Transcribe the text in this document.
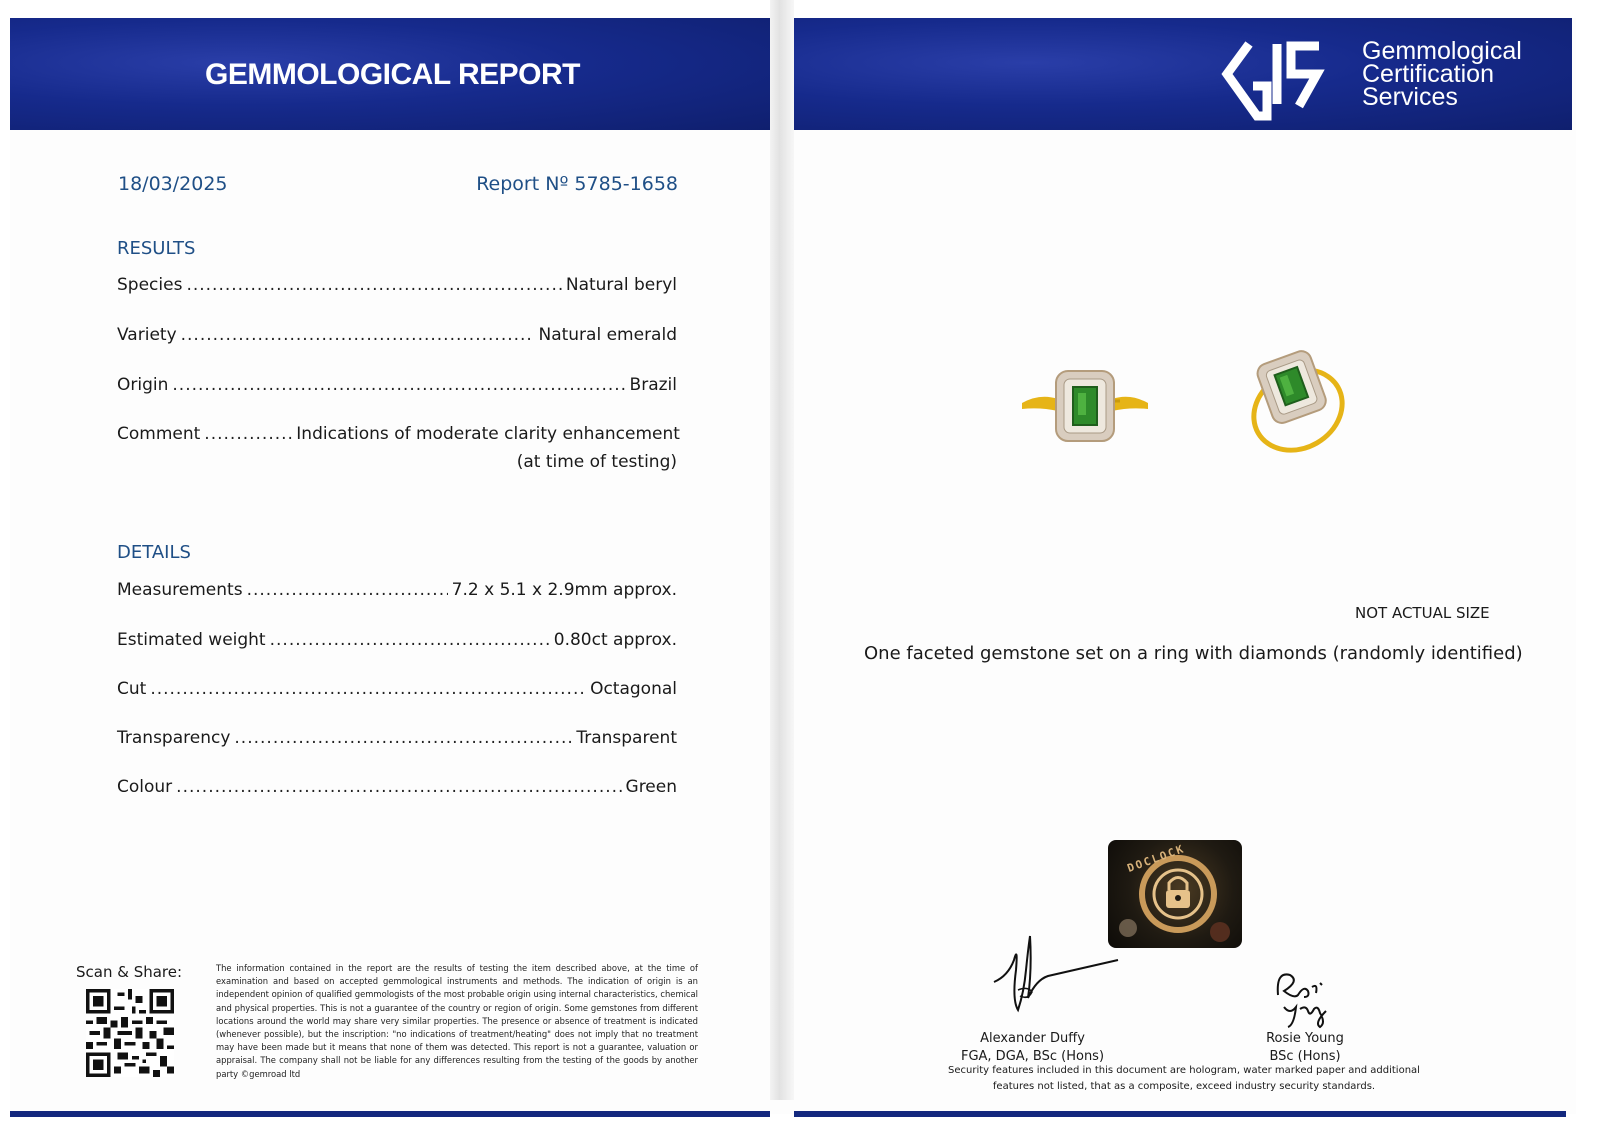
GEMMOLOGICAL REPORT
Gemmological
Certification
Services
18/03/2025	Report Nº 5785-1658
RESULTS
Species .....	Natural beryl
Variety .....	Natural emerald
Origin .....	Brazil
Comment .....	Indications of moderate clarity enhancement
(at time of testing)
DETAILS
Measurements .....	7.2 x 5.1 x 2.9mm approx.
Estimated weight .....	0.80ct approx.
Cut .....	Octagonal
Transparency .....	Transparent
Colour .....	Green
Scan & Share:	The information contained in the report are the results of testing the item described above, at the time of examination and based on accepted gemmological instruments and methods. The indication of origin is an independent opinion of qualified gemmologists of the most probable origin using internal characteristics, chemical and physical properties. This is not a guarantee of the country or region of origin. Some gemstones from different locations around the world may share very similar properties. The presence or absence of treatment is indicated (whenever possible), but the inscription: "no indications of treatment/heating" does not imply that no treatment may have been made but it means that none of them was detected. This report is not a guarantee, valuation or appraisal. The company shall not be liable for any differences resulting from the testing of the goods by another party ©gemroad ltd
NOT ACTUAL SIZE
One faceted gemstone set on a ring with diamonds (randomly identified)
DOCLOCK
Alexander Duffy
FGA, DGA, BSc (Hons)
Rosie Young
BSc (Hons)
Security features included in this document are hologram, water marked paper and additional features not listed, that as a composite, exceed industry security standards.
